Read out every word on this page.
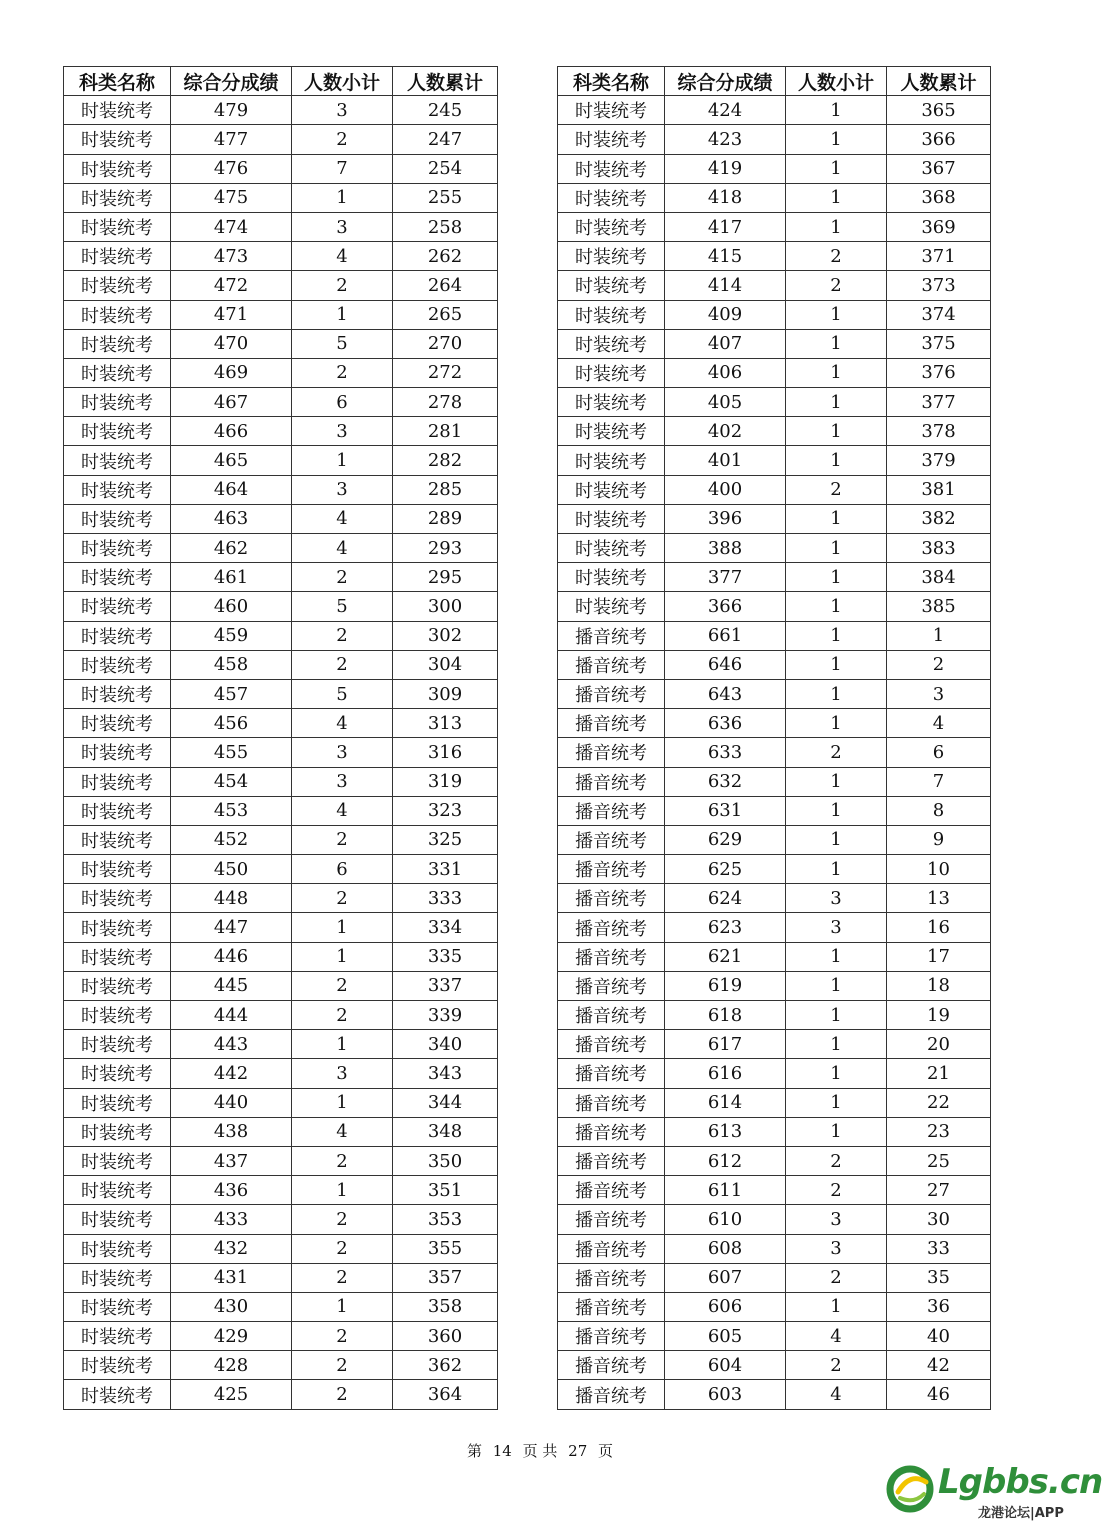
科类名称	综合分成绩	人数小计	人数累计
时装统考	479	3	245
时装统考	477	2	247
时装统考	476	7	254
时装统考	475	1	255
时装统考	474	3	258
时装统考	473	4	262
时装统考	472	2	264
时装统考	471	1	265
时装统考	470	5	270
时装统考	469	2	272
时装统考	467	6	278
时装统考	466	3	281
时装统考	465	1	282
时装统考	464	3	285
时装统考	463	4	289
时装统考	462	4	293
时装统考	461	2	295
时装统考	460	5	300
时装统考	459	2	302
时装统考	458	2	304
时装统考	457	5	309
时装统考	456	4	313
时装统考	455	3	316
时装统考	454	3	319
时装统考	453	4	323
时装统考	452	2	325
时装统考	450	6	331
时装统考	448	2	333
时装统考	447	1	334
时装统考	446	1	335
时装统考	445	2	337
时装统考	444	2	339
时装统考	443	1	340
时装统考	442	3	343
时装统考	440	1	344
时装统考	438	4	348
时装统考	437	2	350
时装统考	436	1	351
时装统考	433	2	353
时装统考	432	2	355
时装统考	431	2	357
时装统考	430	1	358
时装统考	429	2	360
时装统考	428	2	362
时装统考	425	2	364
科类名称	综合分成绩	人数小计	人数累计
时装统考	424	1	365
时装统考	423	1	366
时装统考	419	1	367
时装统考	418	1	368
时装统考	417	1	369
时装统考	415	2	371
时装统考	414	2	373
时装统考	409	1	374
时装统考	407	1	375
时装统考	406	1	376
时装统考	405	1	377
时装统考	402	1	378
时装统考	401	1	379
时装统考	400	2	381
时装统考	396	1	382
时装统考	388	1	383
时装统考	377	1	384
时装统考	366	1	385
播音统考	661	1	1
播音统考	646	1	2
播音统考	643	1	3
播音统考	636	1	4
播音统考	633	2	6
播音统考	632	1	7
播音统考	631	1	8
播音统考	629	1	9
播音统考	625	1	10
播音统考	624	3	13
播音统考	623	3	16
播音统考	621	1	17
播音统考	619	1	18
播音统考	618	1	19
播音统考	617	1	20
播音统考	616	1	21
播音统考	614	1	22
播音统考	613	1	23
播音统考	612	2	25
播音统考	611	2	27
播音统考	610	3	30
播音统考	608	3	33
播音统考	607	2	35
播音统考	606	1	36
播音统考	605	4	40
播音统考	604	2	42
播音统考	603	4	46
第 14 页 共 27 页
Lgbbs.cn
龙港论坛|APP
